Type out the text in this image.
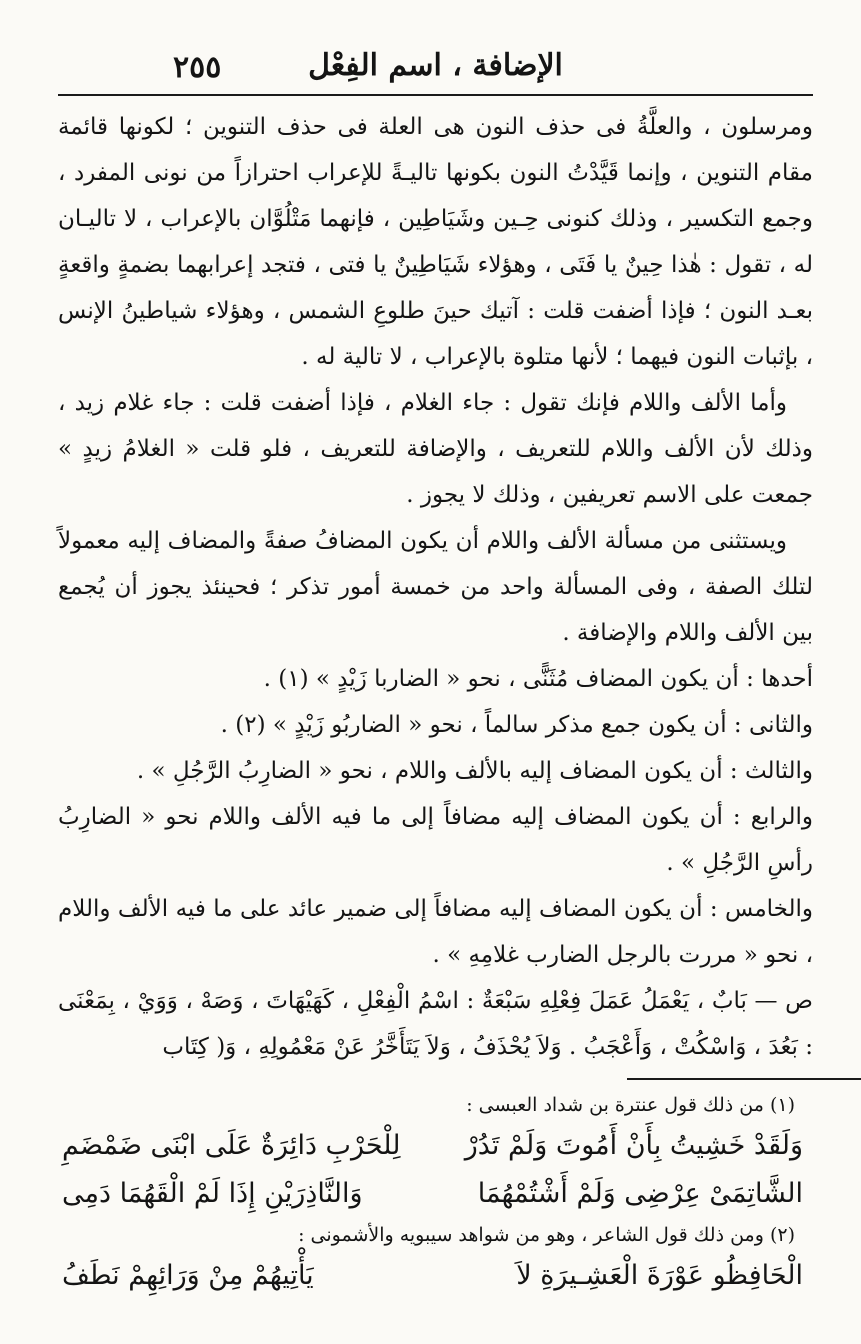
الإضافة ، اسم الفِعْل
٢٥٥

ومرسلون ، والعلَّةُ فى حذف النون هى العلة فى حذف التنوين ؛ لكونها قائمة مقام التنوين ، وإنما قَيَّدْتُ النون بكونها تاليـةً للإعراب احترازاً من نونى المفرد ، وجمع التكسير ، وذلك كنونى حِـين وشَيَاطِين ، فإنهما مَتْلُوَّان بالإعراب ، لا تاليـان له ، تقول : هٰذا حِينٌ يا فَتَى ، وهؤلاء شَيَاطِينٌ يا فتى ، فتجد إعرابهما بضمةٍ واقعةٍ بعـد النون ؛ فإذا أضفت قلت : آتيك حينَ طلوعِ الشمس ، وهؤلاء شياطينُ الإنس ، بإثبات النون فيهما ؛ لأنها متلوة بالإعراب ، لا تالية له .

وأما الألف واللام فإنك تقول : جاء الغلام ، فإذا أضفت قلت : جاء غلام زيد ، وذلك لأن الألف واللام للتعريف ، والإضافة للتعريف ، فلو قلت « الغلامُ زيدٍ » جمعت على الاسم تعريفين ، وذلك لا يجوز .

ويستثنى من مسألة الألف واللام أن يكون المضافُ صفةً والمضاف إليه معمولاً لتلك الصفة ، وفى المسألة واحد من خمسة أمور تذكر ؛ فحينئذ يجوز أن يُجمع بين الألف واللام والإضافة .

أحدها : أن يكون المضاف مُثَنًّى ، نحو « الضاربا زَيْدٍ » (١) .

والثانى : أن يكون جمع مذكر سالماً ، نحو « الضاربُو زَيْدٍ » (٢) .

والثالث : أن يكون المضاف إليه بالألف واللام ، نحو « الضارِبُ الرَّجُلِ » .

والرابع : أن يكون المضاف إليه مضافاً إلى ما فيه الألف واللام نحو « الضارِبُ رأسِ الرَّجُلِ » .

والخامس : أن يكون المضاف إليه مضافاً إلى ضمير عائد على ما فيه الألف واللام ، نحو « مررت بالرجل الضارب غلامِهِ » .

ص — بَابٌ ، يَعْمَلُ عَمَلَ فِعْلِهِ سَبْعَةٌ : اسْمُ الْفِعْلِ ، كَهَيْهَاتَ ، وَصَهْ ، وَوَيْ ، بِمَعْنَى : بَعُدَ ، وَاسْكُتْ ، وَأَعْجَبُ . وَلاَ يُحْذَفُ ، وَلاَ يَتَأَخَّرُ عَنْ مَعْمُولِهِ ، وَ( كِتَاب

(١) من ذلك قول عنترة بن شداد العبسى :

وَلَقَدْ خَشِيتُ بِأَنْ أَمُوتَ وَلَمْ تَدُرْ
لِلْحَرْبِ دَائِرَةٌ عَلَى ابْنَى ضَمْضَمِ
الشَّاتِمَىْ عِرْضِى وَلَمْ أَشْتُمْهُمَا
وَالنَّاذِرَيْنِ إِذَا لَمْ الْقَهُمَا دَمِى

(٢) ومن ذلك قول الشاعر ، وهو من شواهد سيبويه والأشمونى :

الْحَافِظُو عَوْرَةَ الْعَشِـيرَةِ لاَ
يَأْتِيهُمْ مِنْ وَرَائِهِمْ نَطَفُ
